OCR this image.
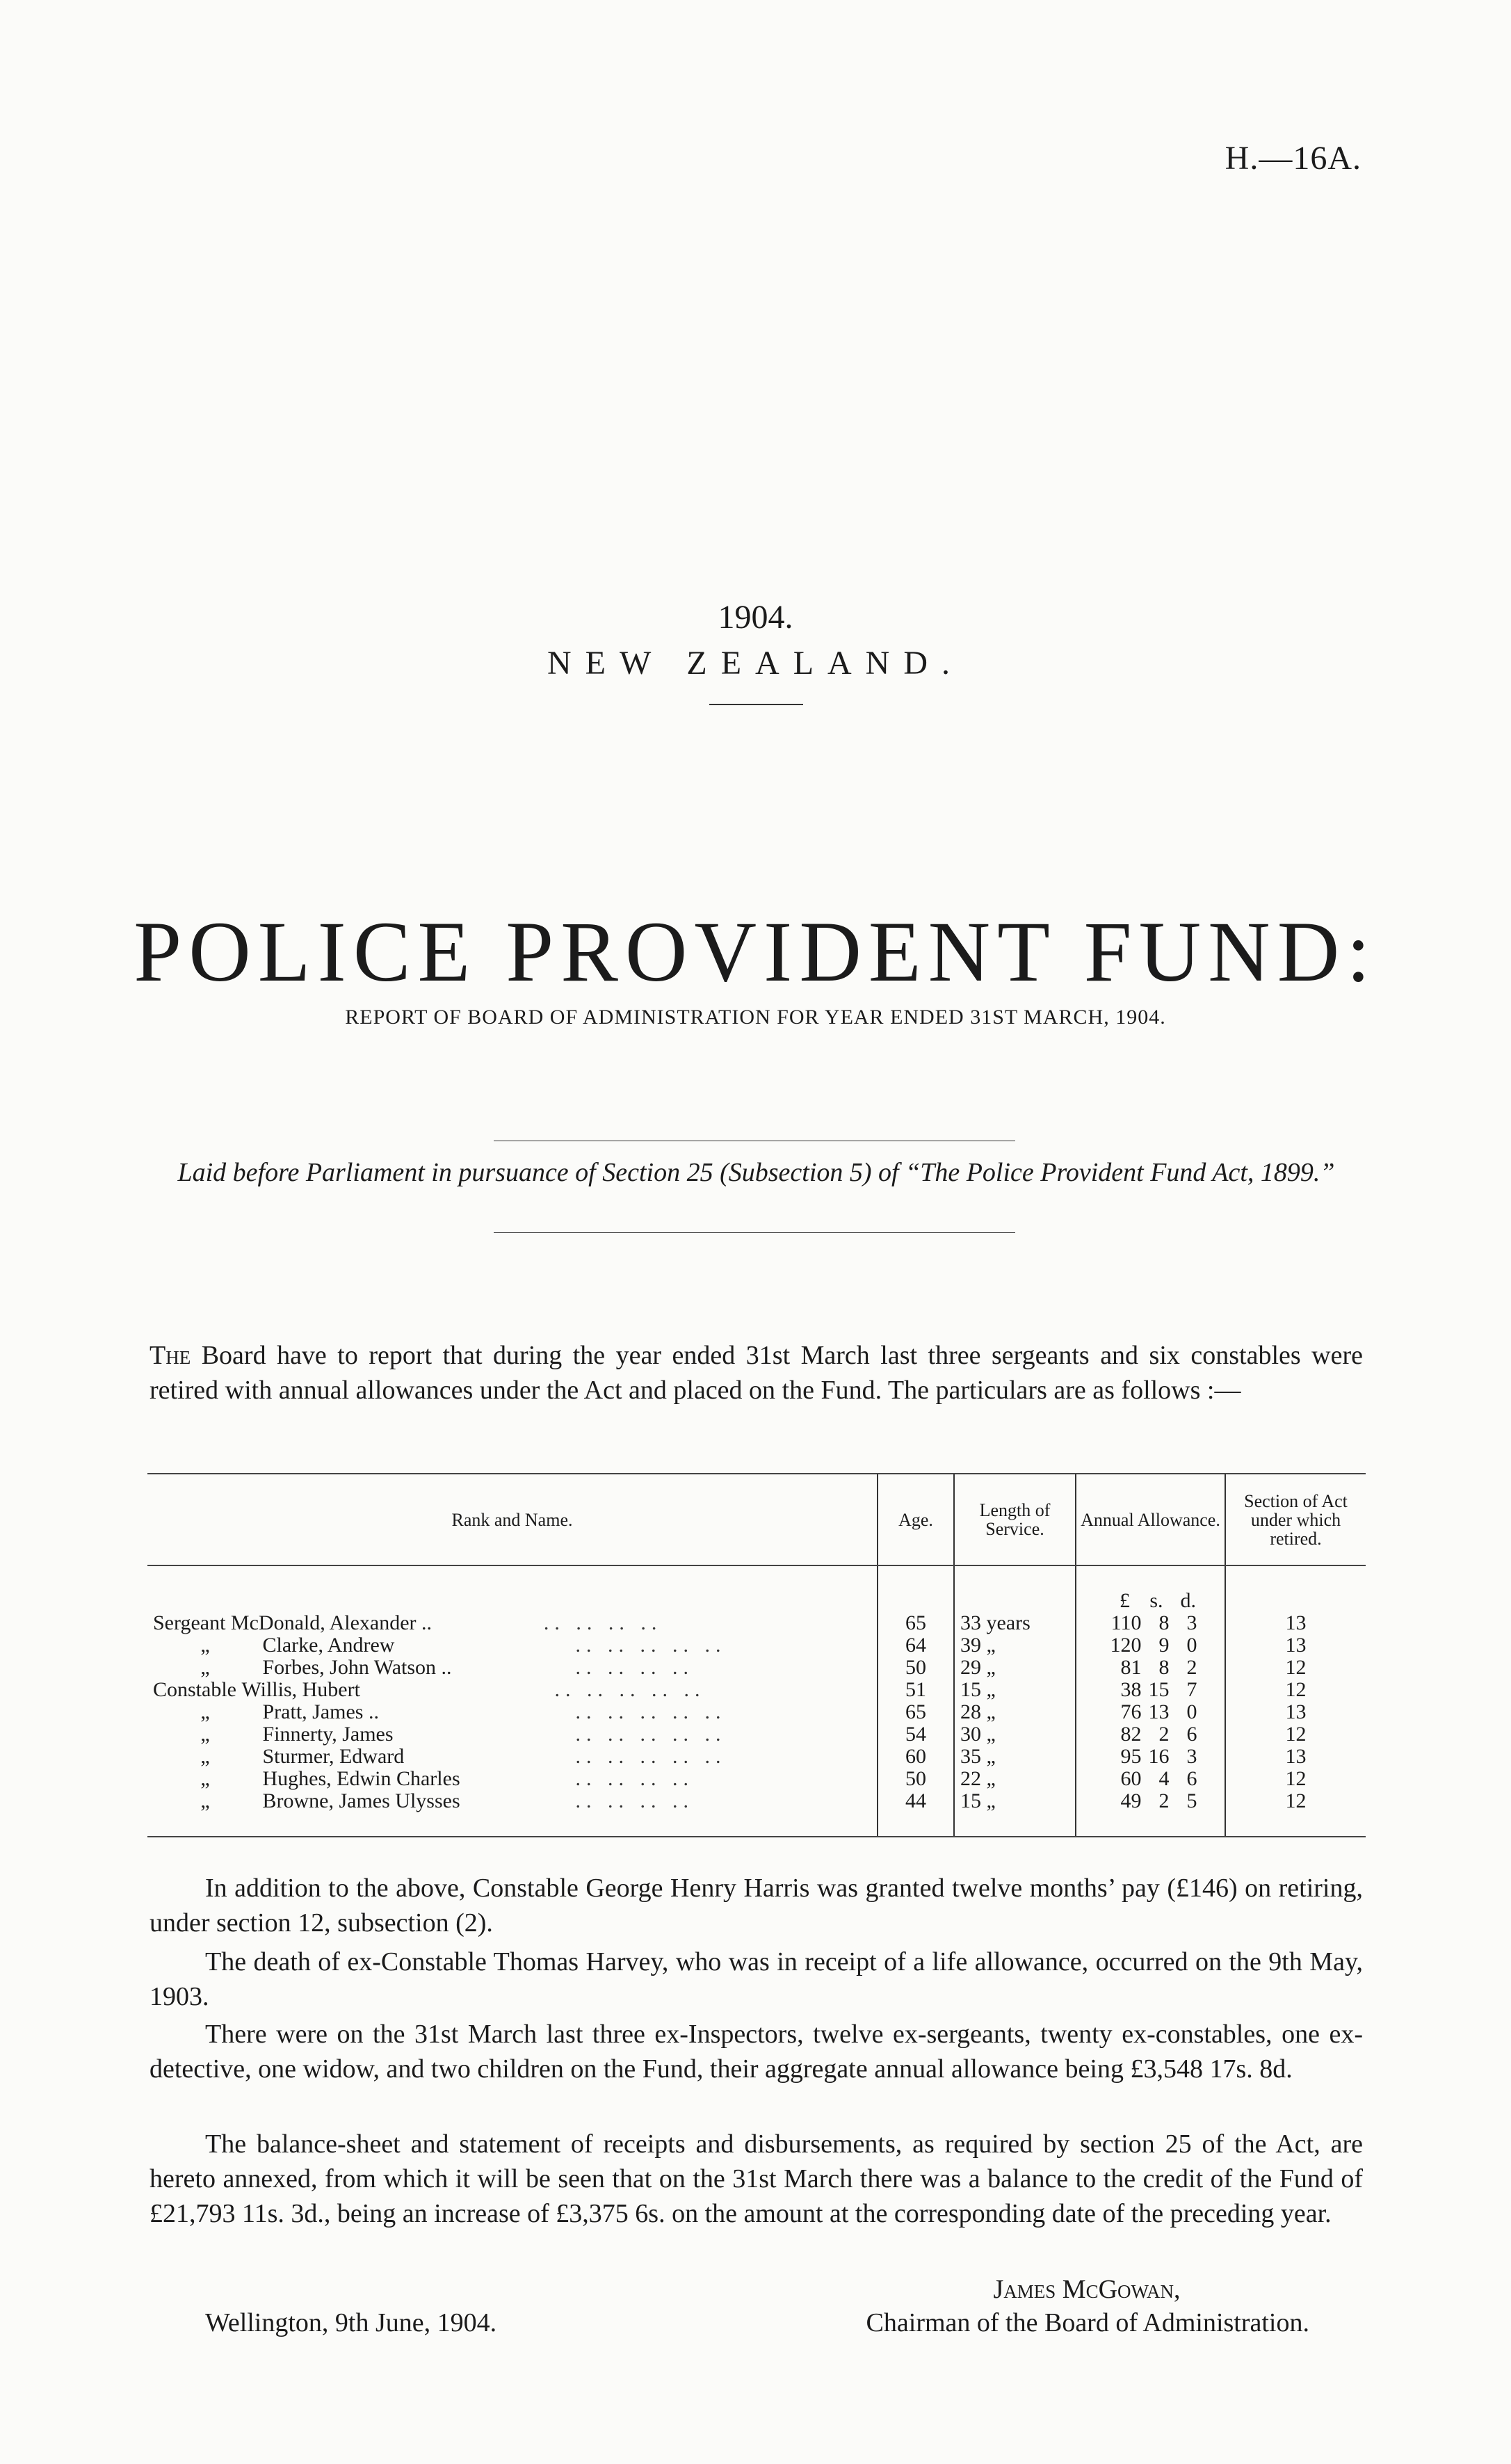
H.—16A.
1904.
NEW ZEALAND.
POLICE PROVIDENT FUND:
REPORT OF BOARD OF ADMINISTRATION FOR YEAR ENDED 31ST MARCH, 1904.
Laid before Parliament in pursuance of Section 25 (Subsection 5) of “The Police Provident Fund Act, 1899.”
The Board have to report that during the year ended 31st March last three sergeants and six constables were retired with annual allowances under the Act and placed on the Fund. The particulars are as follows :—
Rank and Name.	Age.	Length of Service.	Annual Allowance.	Section of Act under which retired.
			£ s. d.	
Sergeant McDonald, Alexander .. .. .. .. ..	65	33 years	110 8 3	13
„ Clarke, Andrew .. .. .. .. ..	64	39 „	120 9 0	13
„ Forbes, John Watson .. .. .. .. ..	50	29 „	81 8 2	12
Constable Willis, Hubert .. .. .. .. ..	51	15 „	38 15 7	12
„ Pratt, James .. .. .. .. .. ..	65	28 „	76 13 0	13
„ Finnerty, James .. .. .. .. ..	54	30 „	82 2 6	12
„ Sturmer, Edward .. .. .. .. ..	60	35 „	95 16 3	13
„ Hughes, Edwin Charles .. .. .. ..	50	22 „	60 4 6	12
„ Browne, James Ulysses .. .. .. ..	44	15 „	49 2 5	12
In addition to the above, Constable George Henry Harris was granted twelve months’ pay (£146) on retiring, under section 12, subsection (2).
The death of ex-Constable Thomas Harvey, who was in receipt of a life allowance, occurred on the 9th May, 1903.
There were on the 31st March last three ex-Inspectors, twelve ex-sergeants, twenty ex-constables, one ex-detective, one widow, and two children on the Fund, their aggregate annual allowance being £3,548 17s. 8d.
The balance-sheet and statement of receipts and disbursements, as required by section 25 of the Act, are hereto annexed, from which it will be seen that on the 31st March there was a balance to the credit of the Fund of £21,793 11s. 3d., being an increase of £3,375 6s. on the amount at the corresponding date of the preceding year.
James McGowan,
Chairman of the Board of Administration.
Wellington, 9th June, 1904.
